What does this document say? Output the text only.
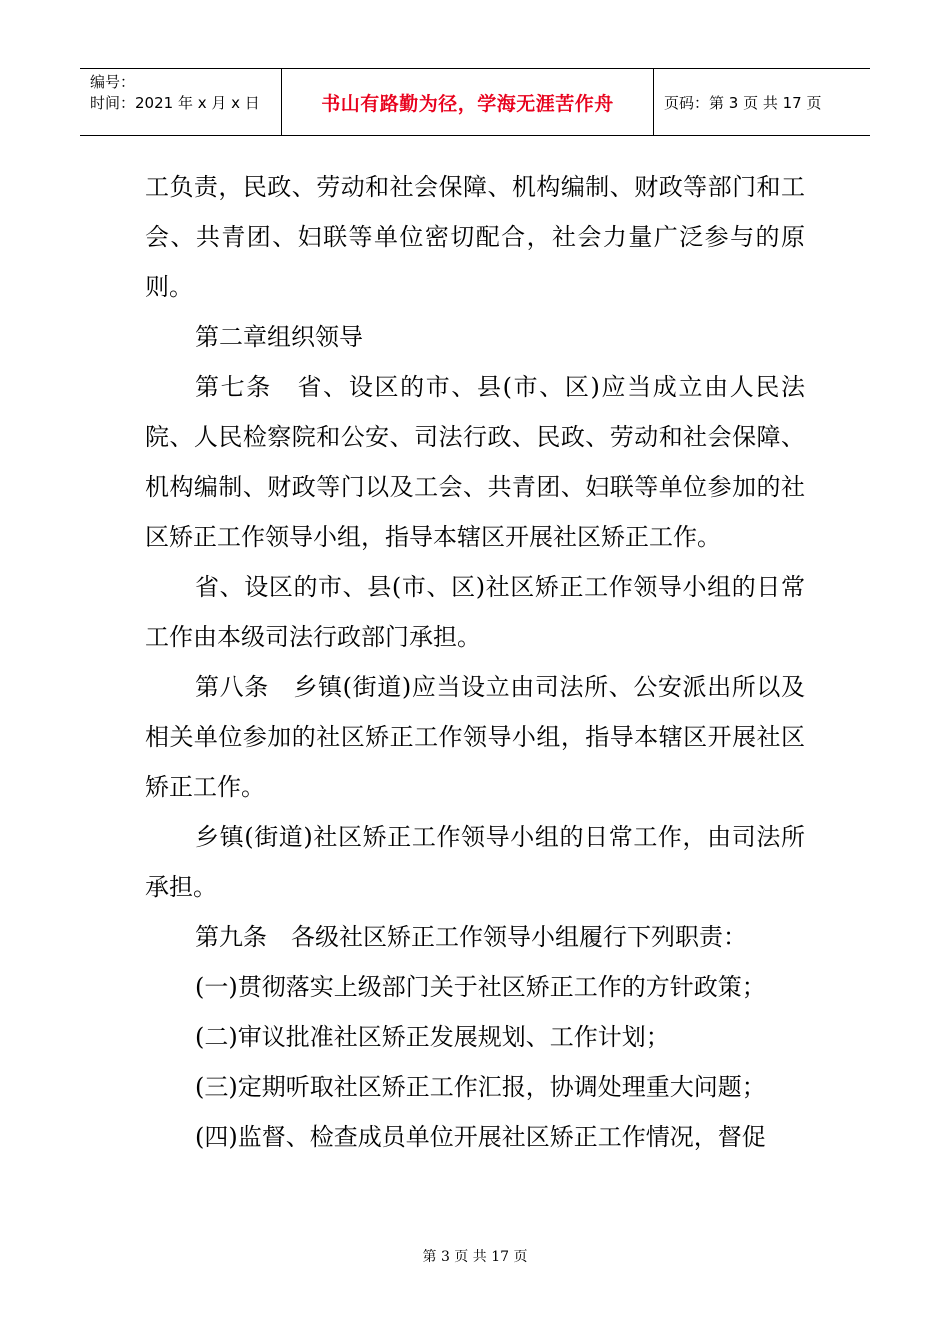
编号：
时间：2021 年 x 月 x 日	书山有路勤为径，学海无涯苦作舟	页码：第 3 页 共 17 页

工负责，民政、劳动和社会保障、机构编制、财政等部门和工会、共青团、妇联等单位密切配合，社会力量广泛参与的原则。

第二章组织领导

第七条　省、设区的市、县(市、区)应当成立由人民法院、人民检察院和公安、司法行政、民政、劳动和社会保障、机构编制、财政等门以及工会、共青团、妇联等单位参加的社区矫正工作领导小组，指导本辖区开展社区矫正工作。

省、设区的市、县(市、区)社区矫正工作领导小组的日常工作由本级司法行政部门承担。

第八条　乡镇(街道)应当设立由司法所、公安派出所以及相关单位参加的社区矫正工作领导小组，指导本辖区开展社区矫正工作。

乡镇(街道)社区矫正工作领导小组的日常工作，由司法所承担。

第九条　各级社区矫正工作领导小组履行下列职责：

(一)贯彻落实上级部门关于社区矫正工作的方针政策；

(二)审议批准社区矫正发展规划、工作计划；

(三)定期听取社区矫正工作汇报，协调处理重大问题；

(四)监督、检查成员单位开展社区矫正工作情况，督促

第 3 页 共 17 页
